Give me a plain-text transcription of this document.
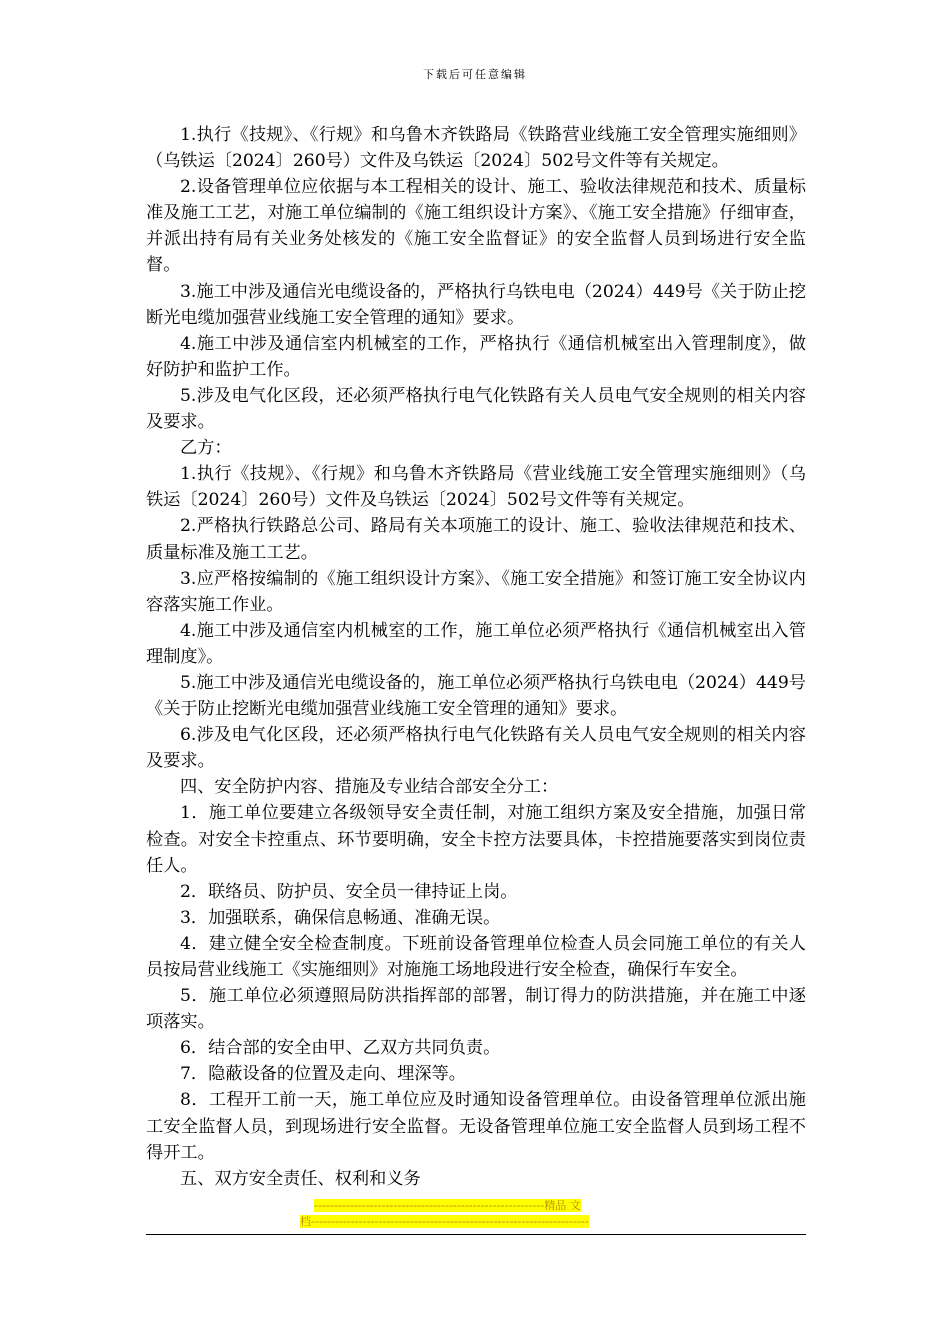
下载后可任意编辑

1.执行《技规》、《行规》和乌鲁木齐铁路局《铁路营业线施工安全管理实施细则》（乌铁运〔2024〕260号）文件及乌铁运〔2024〕502号文件等有关规定。

2.设备管理单位应依据与本工程相关的设计、施工、验收法律规范和技术、质量标准及施工工艺，对施工单位编制的《施工组织设计方案》、《施工安全措施》仔细审查，并派出持有局有关业务处核发的《施工安全监督证》的安全监督人员到场进行安全监督。

3.施工中涉及通信光电缆设备的，严格执行乌铁电电（2024）449号《关于防止挖断光电缆加强营业线施工安全管理的通知》要求。

4.施工中涉及通信室内机械室的工作，严格执行《通信机械室出入管理制度》，做好防护和监护工作。

5.涉及电气化区段，还必须严格执行电气化铁路有关人员电气安全规则的相关内容及要求。

乙方：

1.执行《技规》、《行规》和乌鲁木齐铁路局《营业线施工安全管理实施细则》（乌铁运〔2024〕260号）文件及乌铁运〔2024〕502号文件等有关规定。

2.严格执行铁路总公司、路局有关本项施工的设计、施工、验收法律规范和技术、质量标准及施工工艺。

3.应严格按编制的《施工组织设计方案》、《施工安全措施》和签订施工安全协议内容落实施工作业。

4.施工中涉及通信室内机械室的工作，施工单位必须严格执行《通信机械室出入管理制度》。

5.施工中涉及通信光电缆设备的，施工单位必须严格执行乌铁电电（2024）449号《关于防止挖断光电缆加强营业线施工安全管理的通知》要求。

6.涉及电气化区段，还必须严格执行电气化铁路有关人员电气安全规则的相关内容及要求。

四、安全防护内容、措施及专业结合部安全分工：

1．施工单位要建立各级领导安全责任制，对施工组织方案及安全措施，加强日常检查。对安全卡控重点、环节要明确，安全卡控方法要具体，卡控措施要落实到岗位责任人。

2．联络员、防护员、安全员一律持证上岗。

3．加强联系，确保信息畅通、准确无误。

4．建立健全安全检查制度。下班前设备管理单位检查人员会同施工单位的有关人员按局营业线施工《实施细则》对施施工场地段进行安全检查，确保行车安全。

5．施工单位必须遵照局防洪指挥部的部署，制订得力的防洪措施，并在施工中逐项落实。

6．结合部的安全由甲、乙双方共同负责。

7．隐蔽设备的位置及走向、埋深等。

8．工程开工前一天，施工单位应及时通知设备管理单位。由设备管理单位派出施工安全监督人员，到现场进行安全监督。无设备管理单位施工安全监督人员到场工程不得开工。

五、双方安全责任、权利和义务

----------------------------------------------------------精品 文
档----------------------------------------------------------------------
